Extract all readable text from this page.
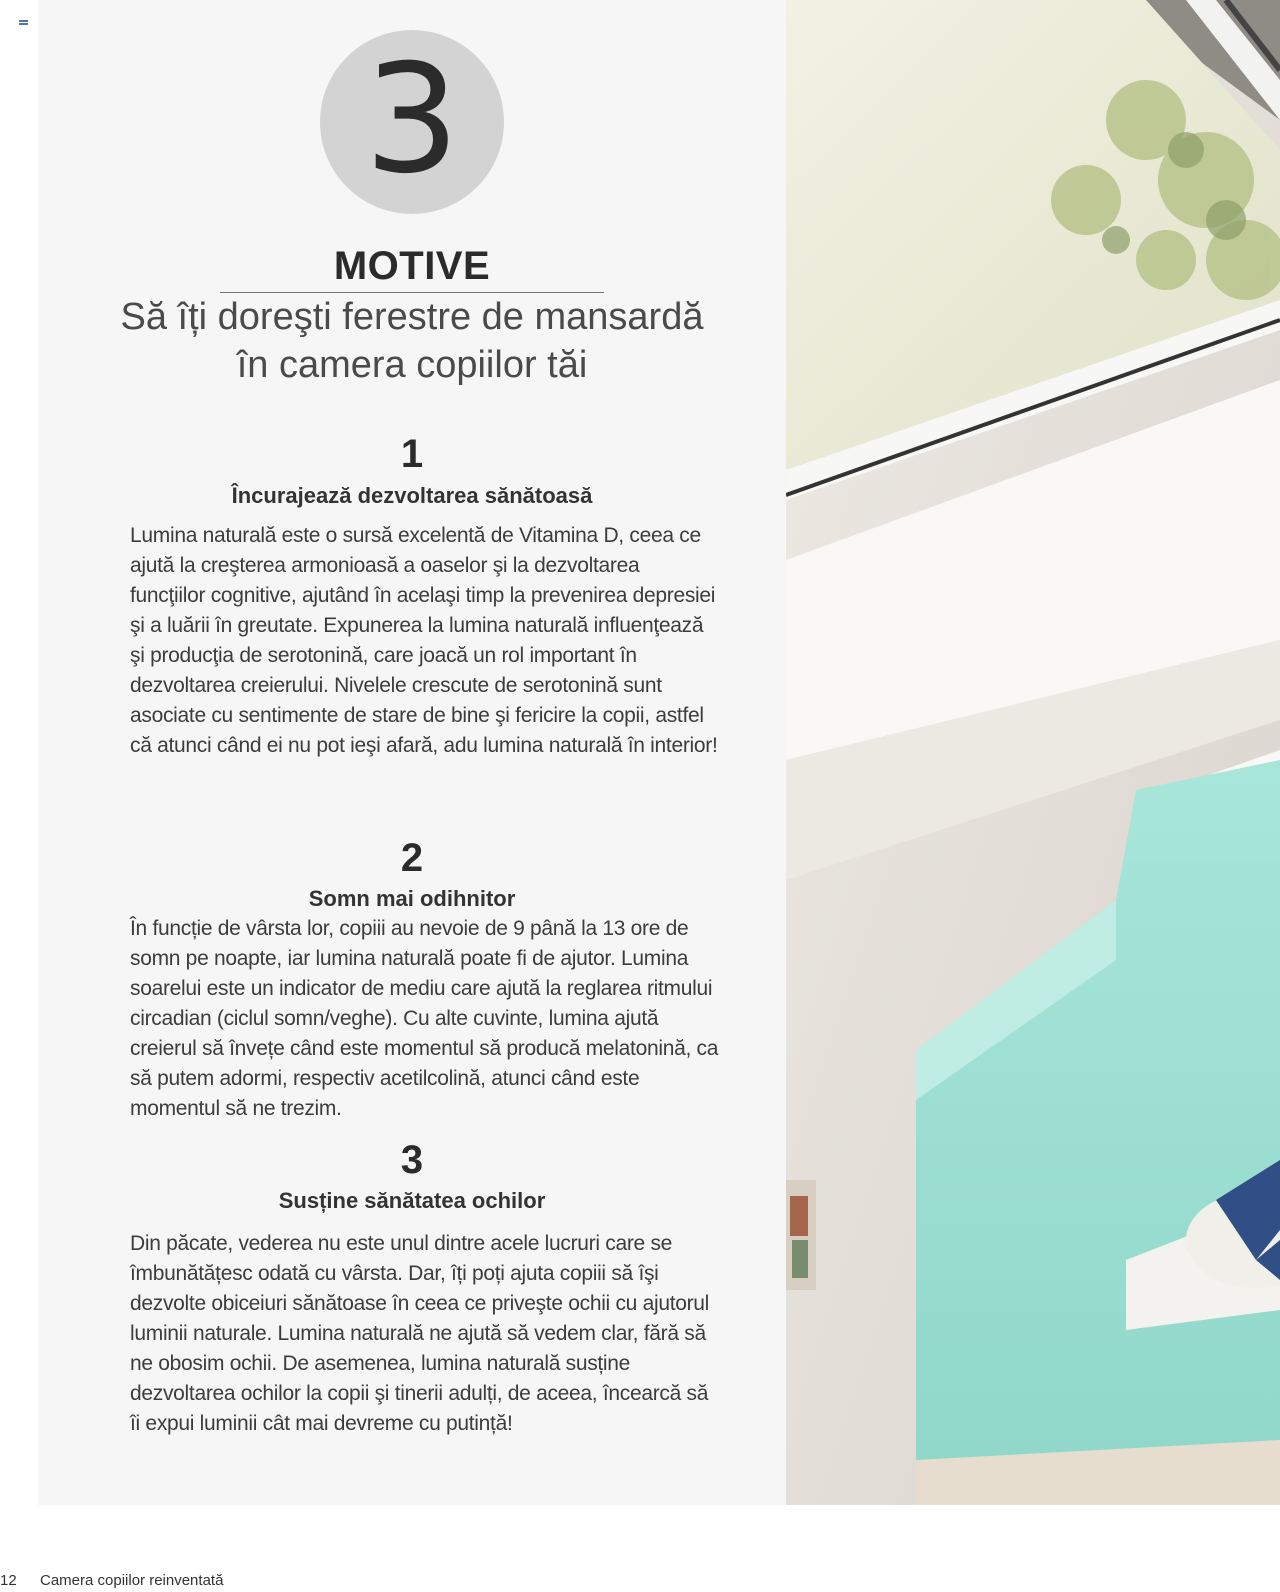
3
MOTIVE
Să îți doreşti ferestre de mansardă
în camera copiilor tăi
1
Încurajează dezvoltarea sănătoasă
Lumina naturală este o sursă excelentă de Vitamina D, ceea ce ajută la creşterea armonioasă a oaselor şi la dezvoltarea funcţiilor cognitive, ajutând în acelaşi timp la prevenirea depresiei şi a luării în greutate. Expunerea la lumina naturală influenţează şi producţia de serotonină, care joacă un rol important în dezvoltarea creierului. Nivelele crescute de serotonină sunt asociate cu sentimente de stare de bine şi fericire la copii, astfel că atunci când ei nu pot ieşi afară, adu lumina naturală în interior!
2
Somn mai odihnitor
În funcție de vârsta lor, copiii au nevoie de 9 până la 13 ore de somn pe noapte, iar lumina naturală poate fi de ajutor. Lumina soarelui este un indicator de mediu care ajută la reglarea ritmului circadian (ciclul somn/veghe). Cu alte cuvinte, lumina ajută creierul să învețe când este momentul să producă melatonină, ca să putem adormi, respectiv acetilcolină, atunci când este momentul să ne trezim.
3
Susține sănătatea ochilor
Din păcate, vederea nu este unul dintre acele lucruri care se îmbunătățesc odată cu vârsta. Dar, îți poți ajuta copiii să îşi dezvolte obiceiuri sănătoase în ceea ce priveşte ochii cu ajutorul luminii naturale. Lumina naturală ne ajută să vedem clar, fără să ne obosim ochii. De asemenea, lumina naturală susține dezvoltarea ochilor la copii şi tinerii adulți, de aceea, încearcă să îi expui luminii cât mai devreme cu putință!
12 Camera copiilor reinventată
